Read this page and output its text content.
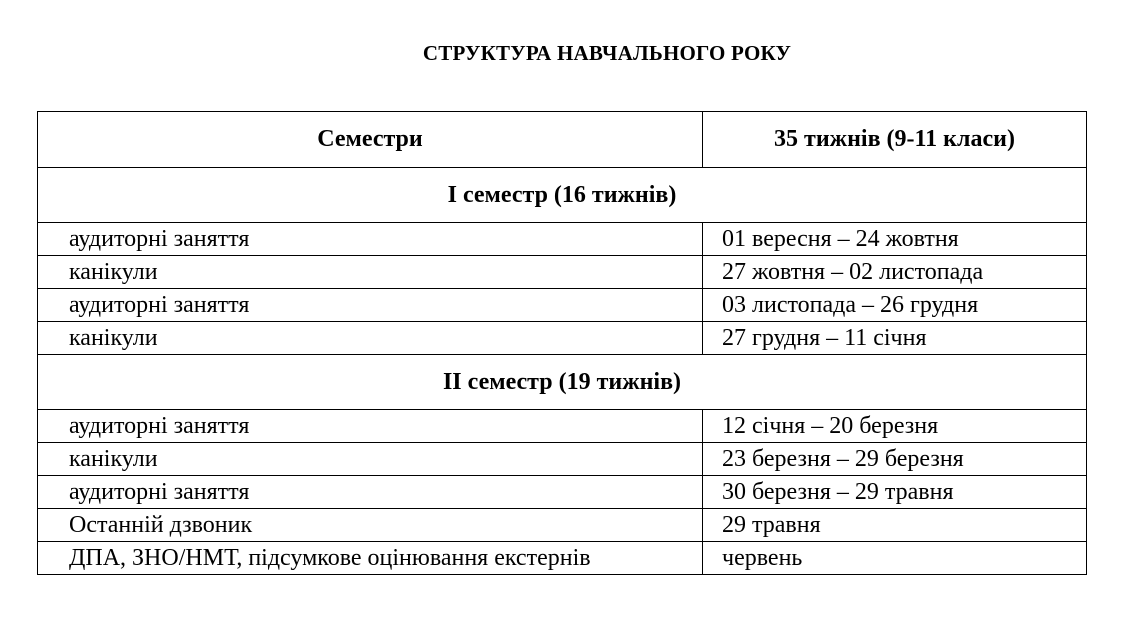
СТРУКТУРА НАВЧАЛЬНОГО РОКУ
Семестри	35 тижнів (9-11 класи)
І семестр (16 тижнів)	
аудиторні заняття	01 вересня – 24 жовтня
канікули	27 жовтня – 02 листопада
аудиторні заняття	03 листопада – 26 грудня
канікули	27 грудня – 11 січня
ІІ семестр (19 тижнів)	
аудиторні заняття	12 січня – 20 березня
канікули	23 березня – 29 березня
аудиторні заняття	30 березня – 29 травня
Останній дзвоник	29 травня
ДПА, ЗНО/НМТ, підсумкове оцінювання екстернів	червень
